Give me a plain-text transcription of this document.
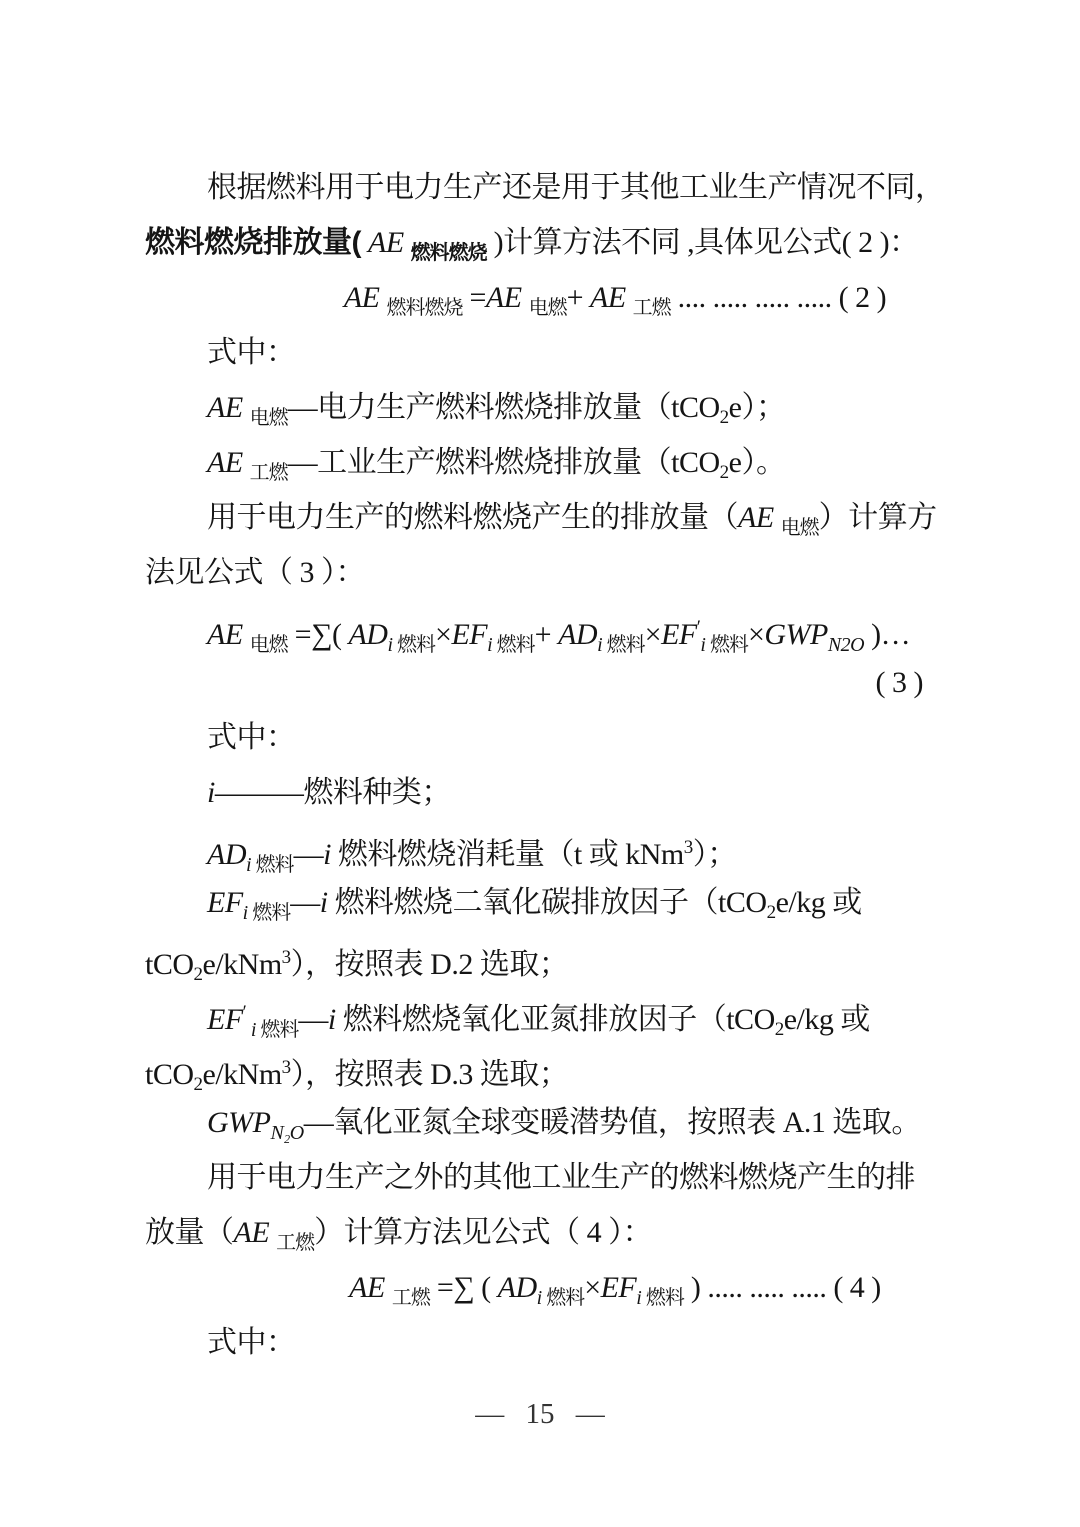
根据燃料用于电力生产还是用于其他工业生产情况不同，
燃料燃烧排放量( AE $_{燃料燃烧}$ )计算方法不同 ,具体见公式( 2 )：
AE $_{燃料燃烧}$ =AE $_{电燃}$+ AE $_{工燃}$ .... ..... ..... ..... ( 2 )
式中：
AE $_{电燃}$—电力生产燃料燃烧排放量（tCO$_2$e）；
AE $_{工燃}$—工业生产燃料燃烧排放量（tCO$_2$e）。
用于电力生产的燃料燃烧产生的排放量（AE $_{电燃}$）计算方
法见公式（ 3 ）：
AE $_{电燃}$ =∑( $AD_i$ $_{燃料}\times EF_i$ $_{燃料}+ AD_i$ $_{燃料}\times EF'_i$ $_{燃料}\times GWP_{N2O}$ )…
( 3 )
式中：
i———燃料种类；
$AD_i$ $_{燃料}$—i 燃料燃烧消耗量（t 或 kNm$^3$）；
$EF_i$ $_{燃料}$—i 燃料燃烧二氧化碳排放因子（tCO$_2$e/kg 或
tCO$_2$e/kNm$^3$），按照表 D.2 选取；
EF′ $_i$ $_{燃料}$—i 燃料燃烧氧化亚氮排放因子（tCO$_2$e/kg 或
tCO$_2$e/kNm$^3$），按照表 D.3 选取；
$GWP_{N_2O}—$氧化亚氮全球变暖潜势值，按照表 A.1 选取。
用于电力生产之外的其他工业生产的燃料燃烧产生的排
放量（AE $_{工燃}$）计算方法见公式（ 4 ）：
AE $_{工燃}$ =∑ ( $AD_i$ $_{燃料}\times EF_i$ $_{燃料}$ ) ..... ..... ..... ( 4 )
式中：
— 15 —
